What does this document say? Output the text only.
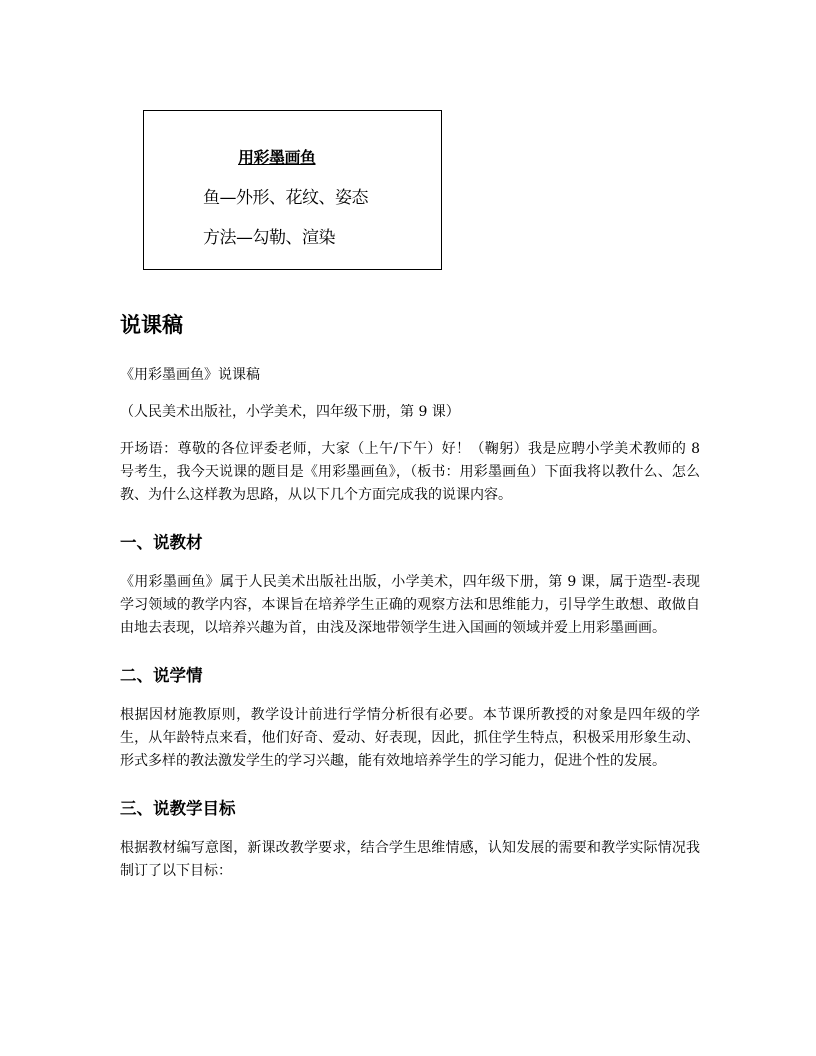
用彩墨画鱼
鱼—外形、花纹、姿态
方法—勾勒、渲染
说课稿

《用彩墨画鱼》说课稿

（人民美术出版社，小学美术，四年级下册，第 9 课）

开场语：尊敬的各位评委老师，大家（上午/下午）好！（鞠躬）我是应聘小学美术教师的 8 号考生，我今天说课的题目是《用彩墨画鱼》，（板书：用彩墨画鱼）下面我将以教什么、怎么教、为什么这样教为思路，从以下几个方面完成我的说课内容。

一、说教材

《用彩墨画鱼》属于人民美术出版社出版，小学美术，四年级下册，第 9 课，属于造型-表现学习领域的教学内容，本课旨在培养学生正确的观察方法和思维能力，引导学生敢想、敢做自由地去表现，以培养兴趣为首，由浅及深地带领学生进入国画的领域并爱上用彩墨画画。

二、说学情

根据因材施教原则，教学设计前进行学情分析很有必要。本节课所教授的对象是四年级的学生，从年龄特点来看，他们好奇、爱动、好表现，因此，抓住学生特点，积极采用形象生动、形式多样的教法激发学生的学习兴趣，能有效地培养学生的学习能力，促进个性的发展。

三、说教学目标

根据教材编写意图，新课改教学要求，结合学生思维情感，认知发展的需要和教学实际情况我制订了以下目标：
